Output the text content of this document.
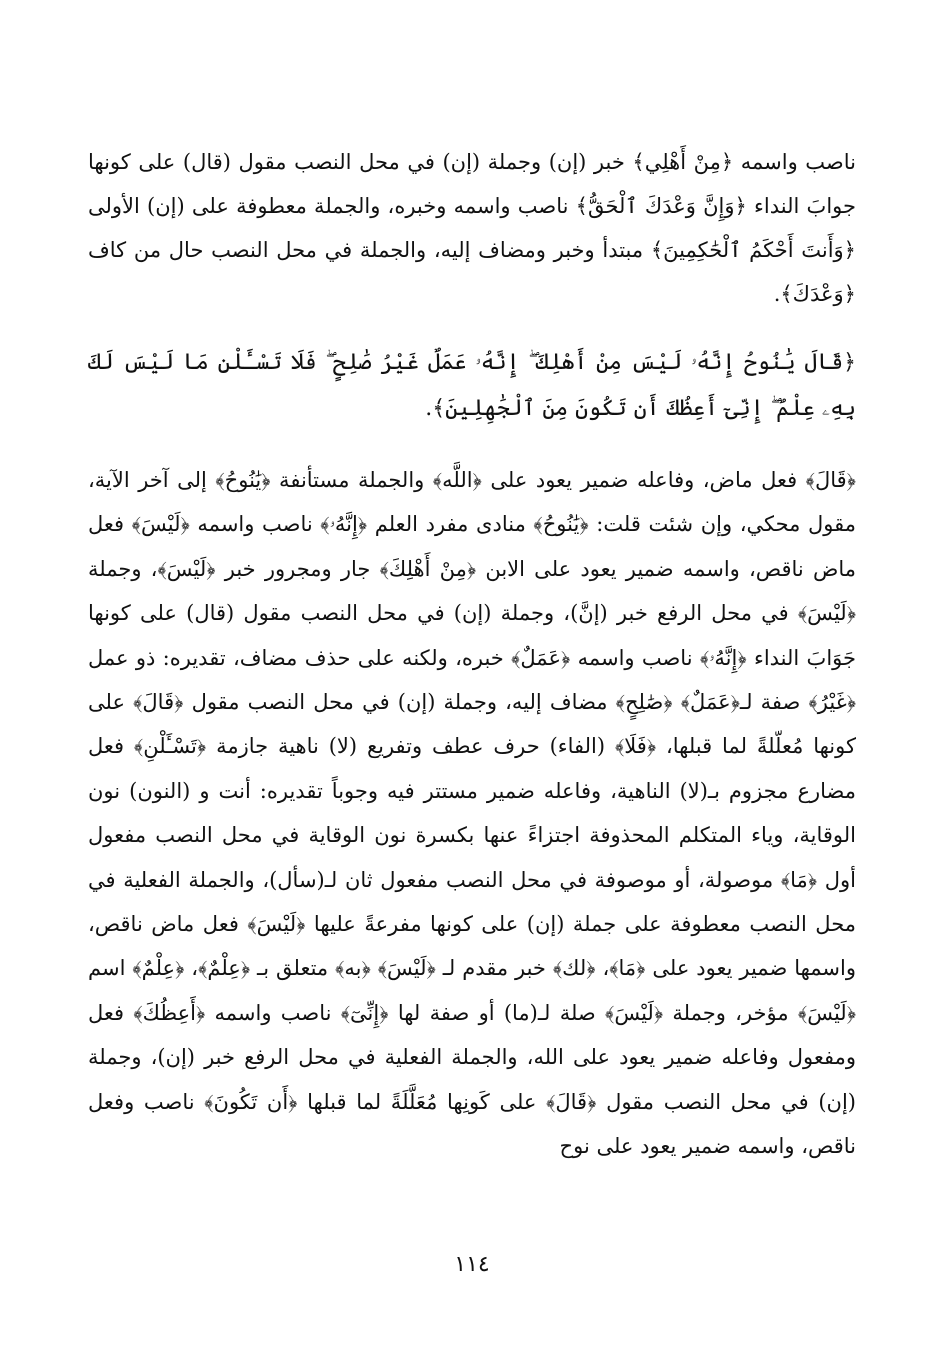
ناصب واسمه ﴿مِنْ أَهْلِي﴾ خبر (إن) وجملة (إن) في محل النصب مقول (قال) على كونها جوابَ النداء ﴿وَإِنَّ وَعْدَكَ ٱلْحَقُّ﴾ ناصب واسمه وخبره، والجملة معطوفة على (إن) الأولى ﴿وَأَنتَ أَحْكَمُ ٱلْحَٰكِمِينَ﴾ مبتدأ وخبر ومضاف إليه، والجملة في محل النصب حال من كاف ﴿وَعْدَكَ﴾.

﴿قَالَ يَٰنُوحُ إِنَّهُۥ لَيْسَ مِنْ أَهْلِكَ ۖ إِنَّهُۥ عَمَلٌ غَيْرُ صَٰلِحٍ ۖ فَلَا تَسْـَٔلْنِ مَا لَيْسَ لَكَ بِهِۦ عِلْمٌ ۖ إِنِّىٓ أَعِظُكَ أَن تَكُونَ مِنَ ٱلْجَٰهِلِينَ﴾.

﴿قَالَ﴾ فعل ماض، وفاعله ضمير يعود على ﴿اللَّه﴾ والجملة مستأنفة ﴿يَٰنُوحُ﴾ إلى آخر الآية، مقول محكي، وإن شئت قلت: ﴿يَٰنُوحُ﴾ منادى مفرد العلم ﴿إِنَّهُۥ﴾ ناصب واسمه ﴿لَيْسَ﴾ فعل ماض ناقص، واسمه ضمير يعود على الابن ﴿مِنْ أَهْلِكَ﴾ جار ومجرور خبر ﴿لَيْسَ﴾، وجملة ﴿لَيْسَ﴾ في محل الرفع خبر (إنَّ)، وجملة (إن) في محل النصب مقول (قال) على كونها جَوَابَ النداء ﴿إِنَّهُۥ﴾ ناصب واسمه ﴿عَمَلٌ﴾ خبره، ولكنه على حذف مضاف، تقديره: ذو عمل ﴿غَيْرُ﴾ صفة لـ﴿عَمَلٌ﴾ ﴿صَٰلِحٍ﴾ مضاف إليه، وجملة (إن) في محل النصب مقول ﴿قَالَ﴾ على كونها مُعلّلةً لما قبلها، ﴿فَلَا﴾ (الفاء) حرف عطف وتفريع (لا) ناهية جازمة ﴿تَسْـَٔلْنِ﴾ فعل مضارع مجزوم بـ(لا) الناهية، وفاعله ضمير مستتر فيه وجوباً تقديره: أنت و (النون) نون الوقاية، وياء المتكلم المحذوفة اجتزاءً عنها بكسرة نون الوقاية في محل النصب مفعول أول ﴿مَا﴾ موصولة، أو موصوفة في محل النصب مفعول ثان لـ(سأل)، والجملة الفعلية في محل النصب معطوفة على جملة (إن) على كونها مفرعةً عليها ﴿لَيْسَ﴾ فعل ماض ناقص، واسمها ضمير يعود على ﴿مَا﴾، ﴿لك﴾ خبر مقدم لـ ﴿لَيْسَ﴾ ﴿به﴾ متعلق بـ ﴿عِلْمٌ﴾، ﴿عِلْمٌ﴾ اسم ﴿لَيْسَ﴾ مؤخر، وجملة ﴿لَيْسَ﴾ صلة لـ(ما) أو صفة لها ﴿إِنِّىٓ﴾ ناصب واسمه ﴿أَعِظُكَ﴾ فعل ومفعول وفاعله ضمير يعود على الله، والجملة الفعلية في محل الرفع خبر (إن)، وجملة (إن) في محل النصب مقول ﴿قَالَ﴾ على كَونِها مُعَلَّلَةً لما قبلها ﴿أَن تَكُونَ﴾ ناصب وفعل ناقص، واسمه ضمير يعود على نوح

١١٤
